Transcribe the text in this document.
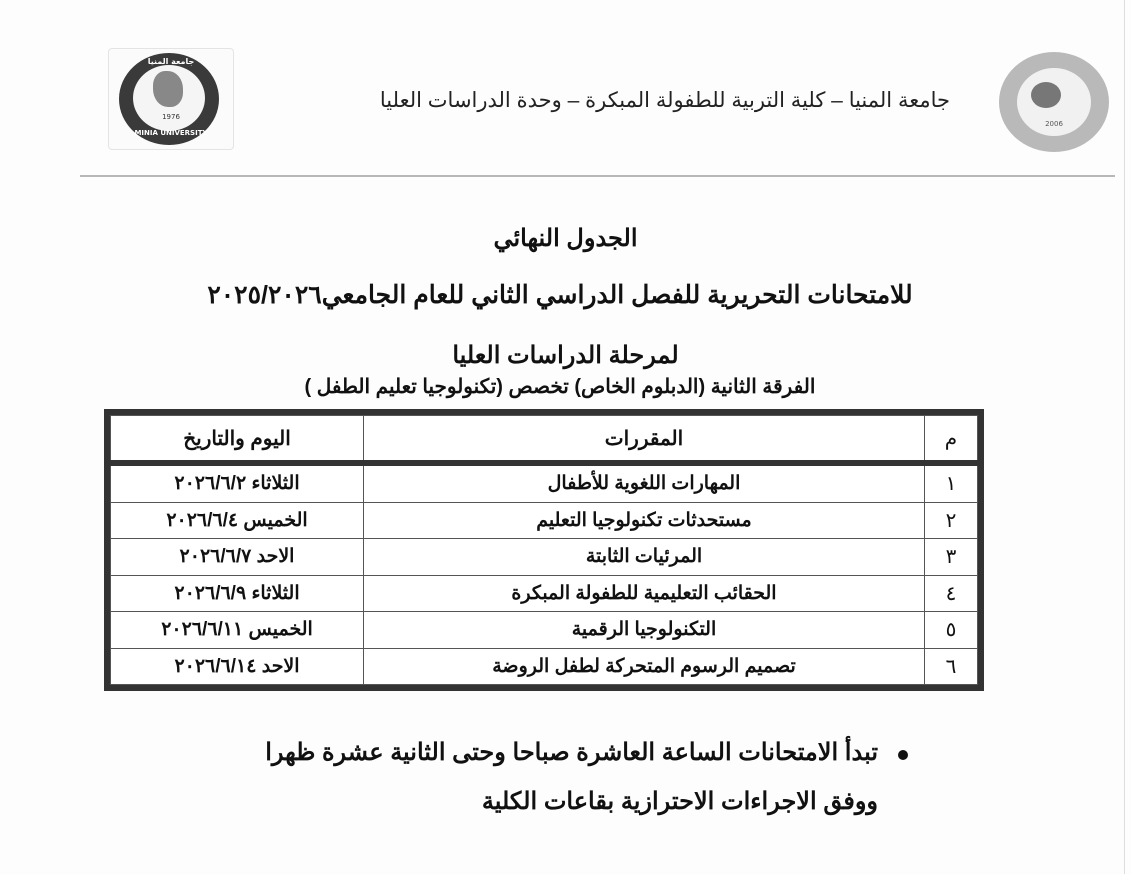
جامعة المنيا
1976
MINIA UNIVERSITY
جامعة المنيا – كلية التربية للطفولة المبكرة – وحدة الدراسات العليا
2006
الجدول النهائي
للامتحانات التحريرية للفصل الدراسي الثاني للعام الجامعي٢٠٢٥/٢٠٢٦
لمرحلة الدراسات العليا
الفرقة الثانية (الدبلوم الخاص) تخصص (تكنولوجيا تعليم الطفل )
م	المقررات	اليوم والتاريخ
١	المهارات اللغوية للأطفال	الثلاثاء ٢٠٢٦/٦/٢
٢	مستحدثات تكنولوجيا التعليم	الخميس ٢٠٢٦/٦/٤
٣	المرئيات الثابتة	الاحد ٢٠٢٦/٦/٧
٤	الحقائب التعليمية للطفولة المبكرة	الثلاثاء ٢٠٢٦/٦/٩
٥	التكنولوجيا الرقمية	الخميس ٢٠٢٦/٦/١١
٦	تصميم الرسوم المتحركة لطفل الروضة	الاحد ٢٠٢٦/٦/١٤
تبدأ الامتحانات الساعة العاشرة صباحا وحتى الثانية عشرة ظهرا
ووفق الاجراءات الاحترازية بقاعات الكلية
